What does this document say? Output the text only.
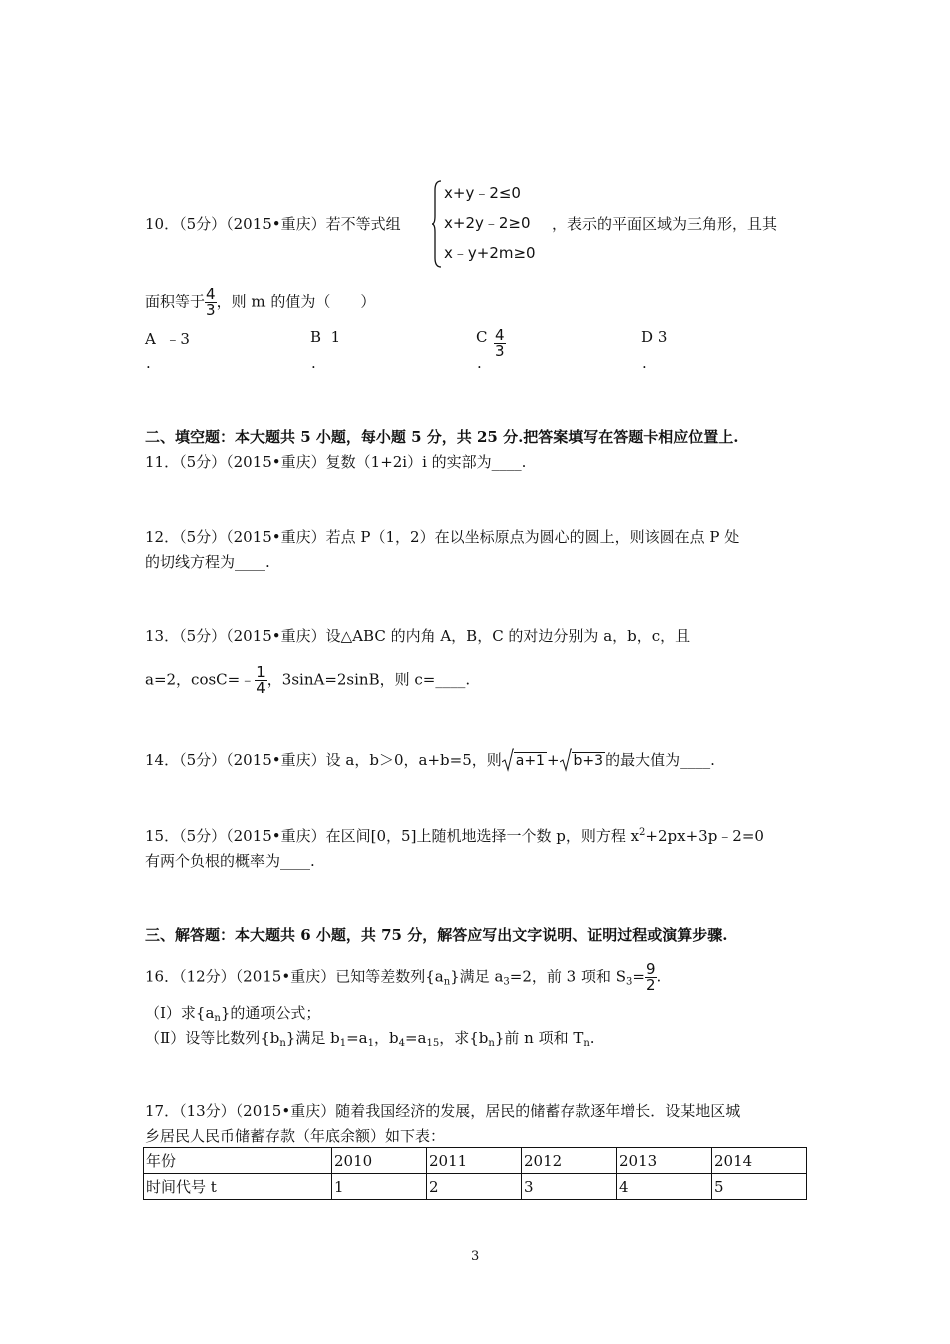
10．（5分）（2015•重庆）若不等式组
x+y﹣2≤0
x+2y﹣2≥0
x﹣y+2m≥0
，表示的平面区域为三角形，且其
面积等于 $\frac{4}{3}$ ，则 m 的值为（　　）
A ﹣3
.
B 1
.
C $\frac{4}{3}$
.
D 3
.
二、填空题：本大题共 5 小题，每小题 5 分，共 25 分.把答案填写在答题卡相应位置上.
11．（5分）（2015•重庆）复数（1+2i）i 的实部为____.
12．（5分）（2015•重庆）若点 P（1，2）在以坐标原点为圆心的圆上，则该圆在点 P 处
的切线方程为____.
13．（5分）（2015•重庆）设△ABC 的内角 A，B，C 的对边分别为 a，b，c，且
a=2，cosC=﹣ $\frac{1}{4}$ ，3sinA=2sinB，则 c=____.
14．（5分）（2015•重庆）设 a，b＞0，a+b=5，则 a+1 + b+3 的最大值为____.
15．（5分）（2015•重庆）在区间[0，5]上随机地选择一个数 p，则方程 $x^2+2px+3p﹣2=0$
有两个负根的概率为____.
三、解答题：本大题共 6 小题，共 75 分，解答应写出文字说明、证明过程或演算步骤.
16．（12分）（2015•重庆）已知等差数列$\{a_n\}$满足 $a_3=2$，前 3 项和 $S_3= \frac{9}{2}$ .
（Ⅰ）求$\{a_n\}$的通项公式；
（Ⅱ）设等比数列$\{b_n\}$满足 $b_1=a_1$，$b_4=a_{15}$，求$\{b_n\}$前 n 项和 $T_n$.
17．（13分）（2015•重庆）随着我国经济的发展，居民的储蓄存款逐年增长．设某地区城
乡居民人民币储蓄存款（年底余额）如下表：
年份	2010	2011	2012	2013	2014
时间代号 t	1	2	3	4	5
3
